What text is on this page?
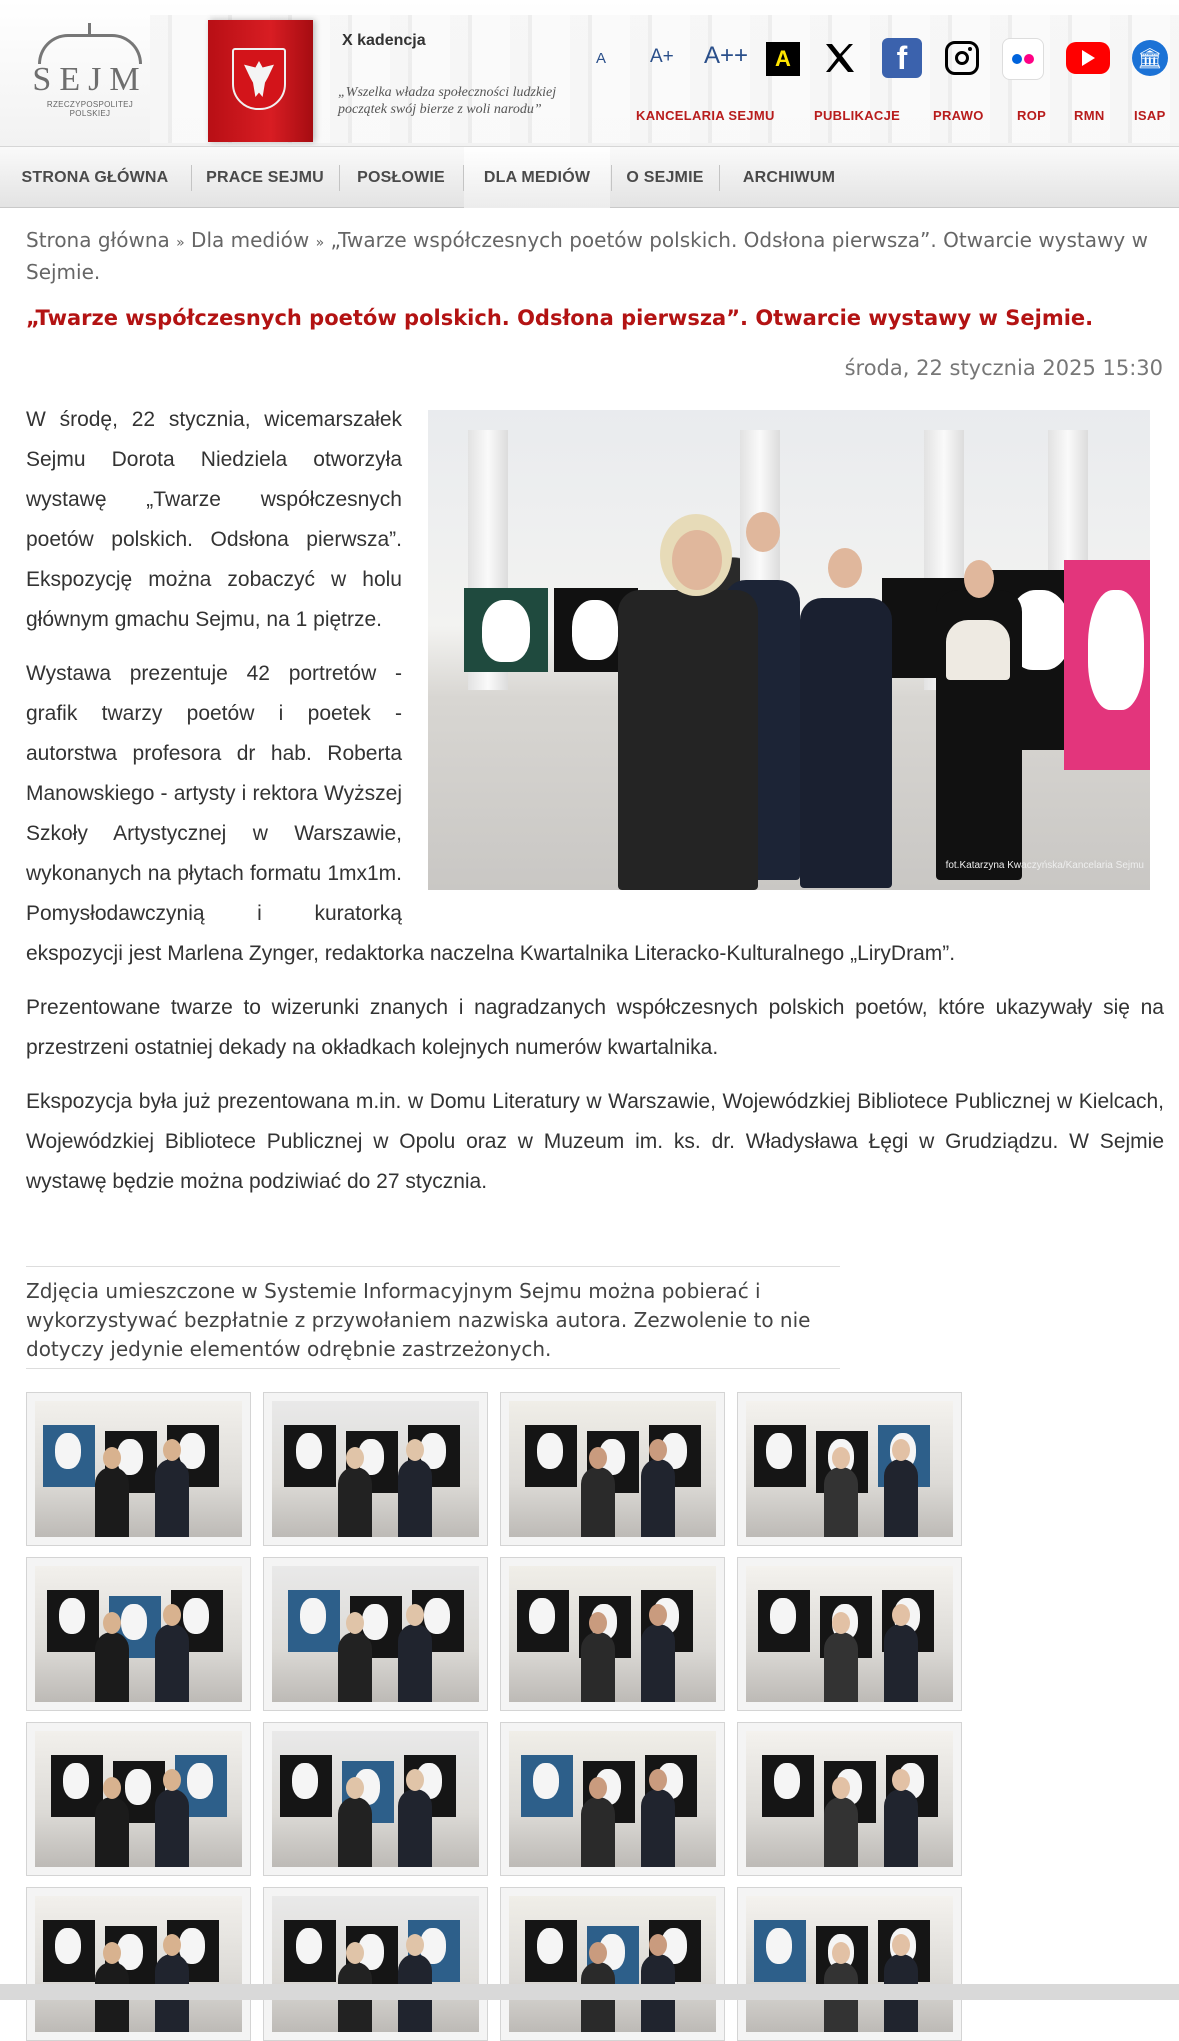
SEJM
RZECZYPOSPOLITEJ POLSKIEJ
X kadencja
„Wszelka władza społeczności ludzkiej początek swój bierze z woli narodu”
A A+ A++	A	f	🏛
KANCELARIA SEJMU	PUBLIKACJE	PRAWO	ROP RMN ISAP
STRONA GŁÓWNA	PRACE SEJMU	POSŁOWIE	DLA MEDIÓW	O SEJMIE	ARCHIWUM
Strona główna » Dla mediów » „Twarze współczesnych poetów polskich. Odsłona pierwsza”. Otwarcie wystawy w Sejmie.
„Twarze współczesnych poetów polskich. Odsłona pierwsza”. Otwarcie wystawy w Sejmie.
środa, 22 stycznia 2025 15:30
fot.Katarzyna Kwaczyńska/Kancelaria Sejmu

W środę, 22 stycznia, wicemarszałek Sejmu Dorota Niedziela otworzyła wystawę „Twarze współczesnych poetów polskich. Odsłona pierwsza”. Ekspozycję można zobaczyć w holu głównym gmachu Sejmu, na 1 piętrze.

Wystawa prezentuje 42 portretów - grafik twarzy poetów i poetek - autorstwa profesora dr hab. Roberta Manowskiego - artysty i rektora Wyższej Szkoły Artystycznej w Warszawie, wykonanych na płytach formatu 1mx1m. Pomysłodawczynią i kuratorką ekspozycji jest Marlena Zynger, redaktorka naczelna Kwartalnika Literacko-Kulturalnego „LiryDram”.

Prezentowane twarze to wizerunki znanych i nagradzanych współczesnych polskich poetów, które ukazywały się na przestrzeni ostatniej dekady na okładkach kolejnych numerów kwartalnika.

Ekspozycja była już prezentowana m.in. w Domu Literatury w Warszawie, Wojewódzkiej Bibliotece Publicznej w Kielcach, Wojewódzkiej Bibliotece Publicznej w Opolu oraz w Muzeum im. ks. dr. Władysława Łęgi w Grudziądzu. W Sejmie wystawę będzie można podziwiać do 27 stycznia.

Zdjęcia umieszczone w Systemie Informacyjnym Sejmu można pobierać i wykorzystywać bezpłatnie z przywołaniem nazwiska autora. Zezwolenie to nie dotyczy jedynie elementów odrębnie zastrzeżonych.
